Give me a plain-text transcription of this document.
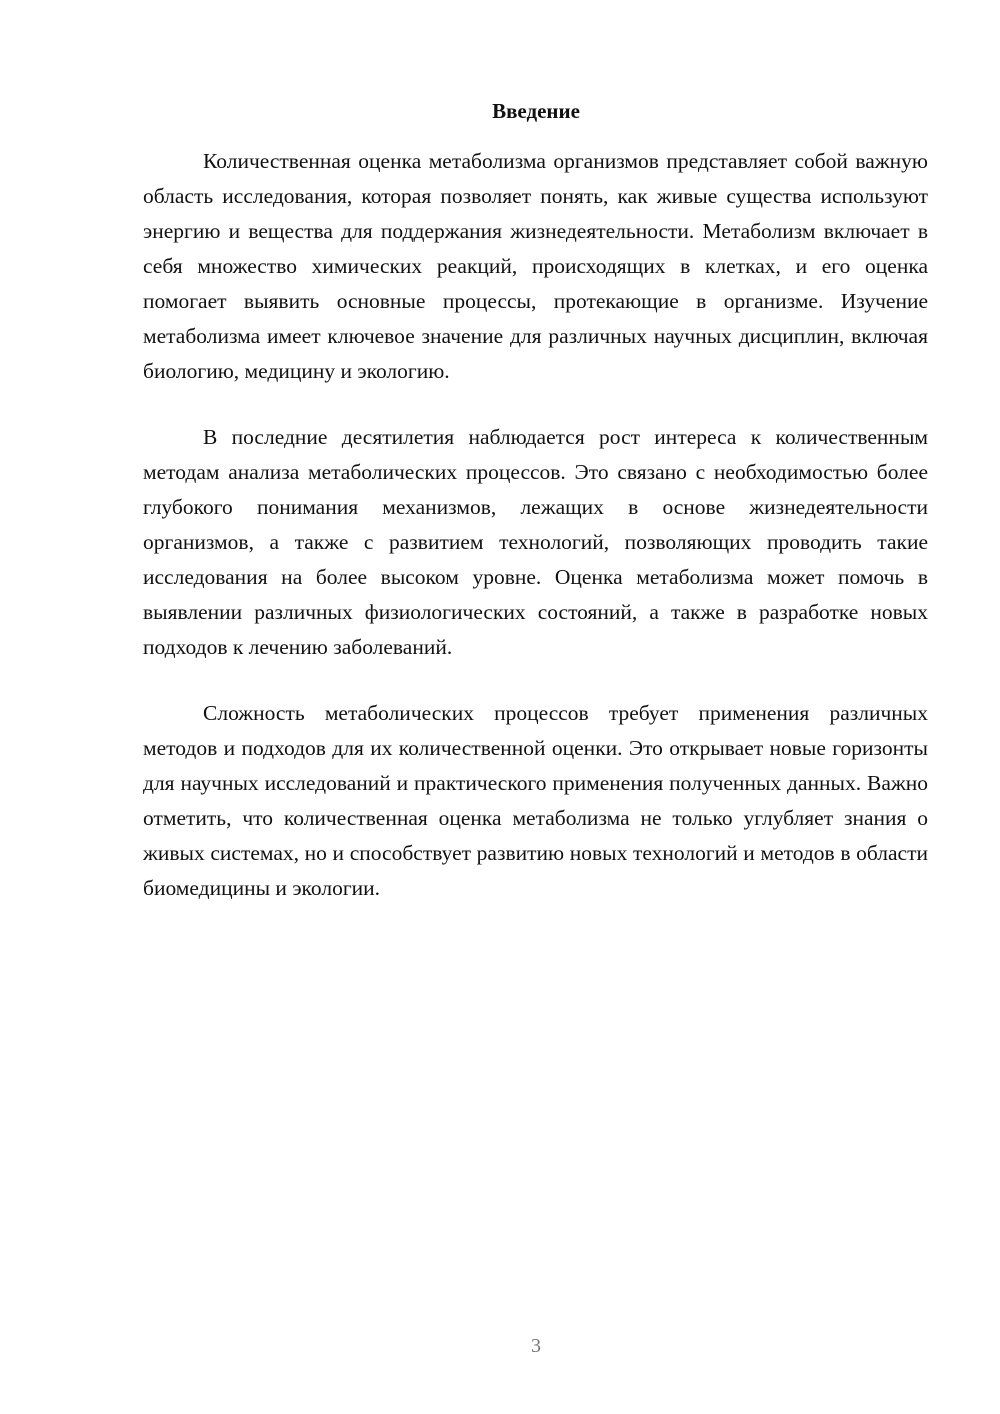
Введение

Количественная оценка метаболизма организмов представляет собой важную область исследования, которая позволяет понять, как живые существа используют энергию и вещества для поддержания жизнедеятельности. Метаболизм включает в себя множество химических реакций, происходящих в клетках, и его оценка помогает выявить основные процессы, протекающие в организме. Изучение метаболизма имеет ключевое значение для различных научных дисциплин, включая биологию, медицину и экологию.

В последние десятилетия наблюдается рост интереса к количественным методам анализа метаболических процессов. Это связано с необходимостью более глубокого понимания механизмов, лежащих в основе жизнедеятельности организмов, а также с развитием технологий, позволяющих проводить такие исследования на более высоком уровне. Оценка метаболизма может помочь в выявлении различных физиологических состояний, а также в разработке новых подходов к лечению заболеваний.

Сложность метаболических процессов требует применения различных методов и подходов для их количественной оценки. Это открывает новые горизонты для научных исследований и практического применения полученных данных. Важно отметить, что количественная оценка метаболизма не только углубляет знания о живых системах, но и способствует развитию новых технологий и методов в области биомедицины и экологии.

3
